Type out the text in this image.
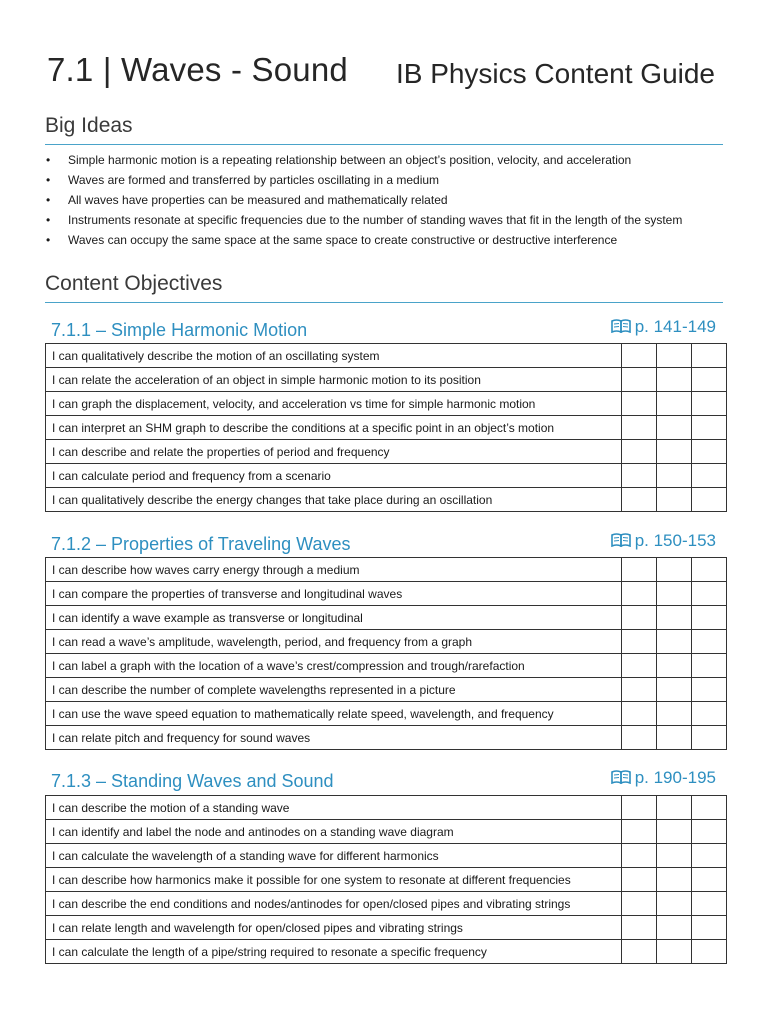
7.1 | Waves - Sound IB Physics Content Guide
Big Ideas
• Simple harmonic motion is a repeating relationship between an object’s position, velocity, and acceleration
• Waves are formed and transferred by particles oscillating in a medium
• All waves have properties can be measured and mathematically related
• Instruments resonate at specific frequencies due to the number of standing waves that fit in the length of the system
• Waves can occupy the same space at the same space to create constructive or destructive interference
Content Objectives
7.1.1 – Simple Harmonic Motion	p. 141-149
I can qualitatively describe the motion of an oscillating system			
I can relate the acceleration of an object in simple harmonic motion to its position			
I can graph the displacement, velocity, and acceleration vs time for simple harmonic motion			
I can interpret an SHM graph to describe the conditions at a specific point in an object’s motion			
I can describe and relate the properties of period and frequency			
I can calculate period and frequency from a scenario			
I can qualitatively describe the energy changes that take place during an oscillation			
7.1.2 – Properties of Traveling Waves	p. 150-153
I can describe how waves carry energy through a medium			
I can compare the properties of transverse and longitudinal waves			
I can identify a wave example as transverse or longitudinal			
I can read a wave’s amplitude, wavelength, period, and frequency from a graph			
I can label a graph with the location of a wave’s crest/compression and trough/rarefaction			
I can describe the number of complete wavelengths represented in a picture			
I can use the wave speed equation to mathematically relate speed, wavelength, and frequency			
I can relate pitch and frequency for sound waves			
7.1.3 – Standing Waves and Sound	p. 190-195
I can describe the motion of a standing wave			
I can identify and label the node and antinodes on a standing wave diagram			
I can calculate the wavelength of a standing wave for different harmonics			
I can describe how harmonics make it possible for one system to resonate at different frequencies			
I can describe the end conditions and nodes/antinodes for open/closed pipes and vibrating strings			
I can relate length and wavelength for open/closed pipes and vibrating strings			
I can calculate the length of a pipe/string required to resonate a specific frequency			
